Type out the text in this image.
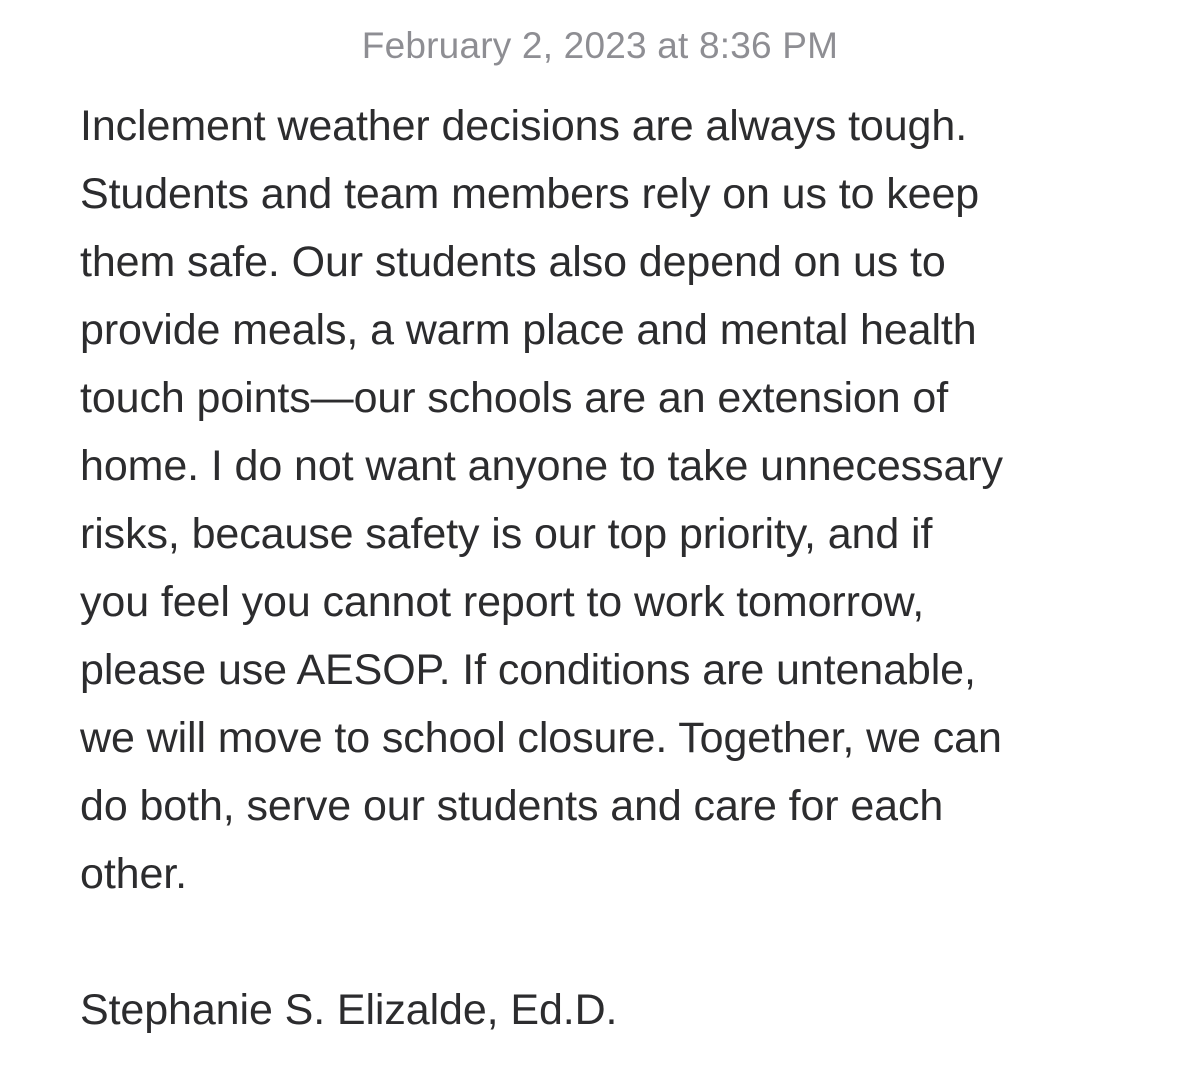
February 2, 2023 at 8:36 PM
Inclement weather decisions are always tough.
Students and team members rely on us to keep
them safe. Our students also depend on us to
provide meals, a warm place and mental health
touch points—our schools are an extension of
home. I do not want anyone to take unnecessary
risks, because safety is our top priority, and if
you feel you cannot report to work tomorrow,
please use AESOP. If conditions are untenable,
we will move to school closure. Together, we can
do both, serve our students and care for each
other.
Stephanie S. Elizalde, Ed.D.
